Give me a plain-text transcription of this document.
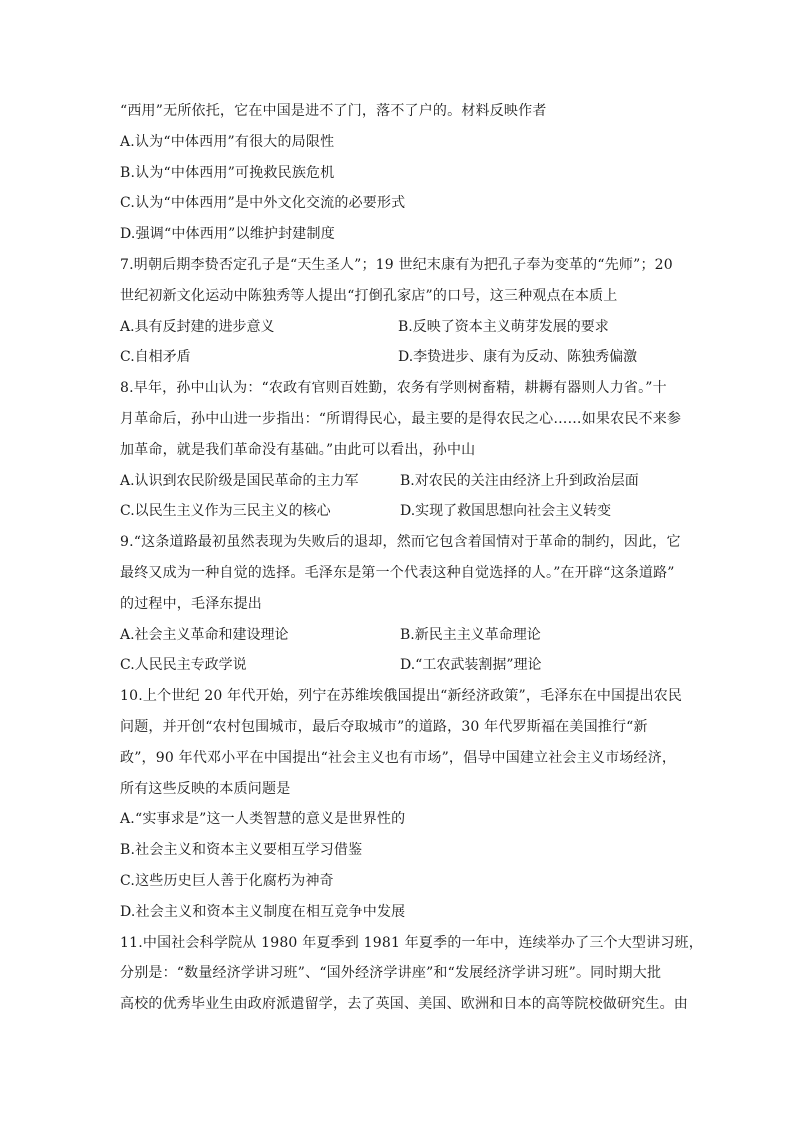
“西用”无所依托，它在中国是进不了门，落不了户的。材料反映作者
A.认为“中体西用”有很大的局限性
B.认为“中体西用”可挽救民族危机
C.认为“中体西用”是中外文化交流的必要形式
D.强调“中体西用”以维护封建制度
7.明朝后期李贽否定孔子是“天生圣人”；19 世纪末康有为把孔子奉为变革的“先师”；20
世纪初新文化运动中陈独秀等人提出“打倒孔家店”的口号，这三种观点在本质上
A.具有反封建的进步意义	B.反映了资本主义萌芽发展的要求
C.自相矛盾	D.李贽进步、康有为反动、陈独秀偏激
8.早年，孙中山认为：“农政有官则百姓勤，农务有学则树畜精，耕耨有器则人力省。”十
月革命后，孙中山进一步指出：“所谓得民心，最主要的是得农民之心……如果农民不来参
加革命，就是我们革命没有基础。”由此可以看出，孙中山
A.认识到农民阶级是国民革命的主力军	B.对农民的关注由经济上升到政治层面
C.以民生主义作为三民主义的核心	D.实现了救国思想向社会主义转变
9.“这条道路最初虽然表现为失败后的退却，然而它包含着国情对于革命的制约，因此，它
最终又成为一种自觉的选择。毛泽东是第一个代表这种自觉选择的人。”在开辟“这条道路”
的过程中，毛泽东提出
A.社会主义革命和建设理论	B.新民主主义革命理论
C.人民民主专政学说	D.“工农武装割据”理论
10.上个世纪 20 年代开始，列宁在苏维埃俄国提出“新经济政策”，毛泽东在中国提出农民
问题，并开创“农村包围城市，最后夺取城市”的道路，30 年代罗斯福在美国推行“新
政”，90 年代邓小平在中国提出“社会主义也有市场”，倡导中国建立社会主义市场经济，
所有这些反映的本质问题是
A.“实事求是”这一人类智慧的意义是世界性的
B.社会主义和资本主义要相互学习借鉴
C.这些历史巨人善于化腐朽为神奇
D.社会主义和资本主义制度在相互竞争中发展
11.中国社会科学院从 1980 年夏季到 1981 年夏季的一年中，连续举办了三个大型讲习班，
分别是：“数量经济学讲习班”、“国外经济学讲座”和“发展经济学讲习班”。同时期大批
高校的优秀毕业生由政府派遣留学，去了英国、美国、欧洲和日本的高等院校做研究生。由
